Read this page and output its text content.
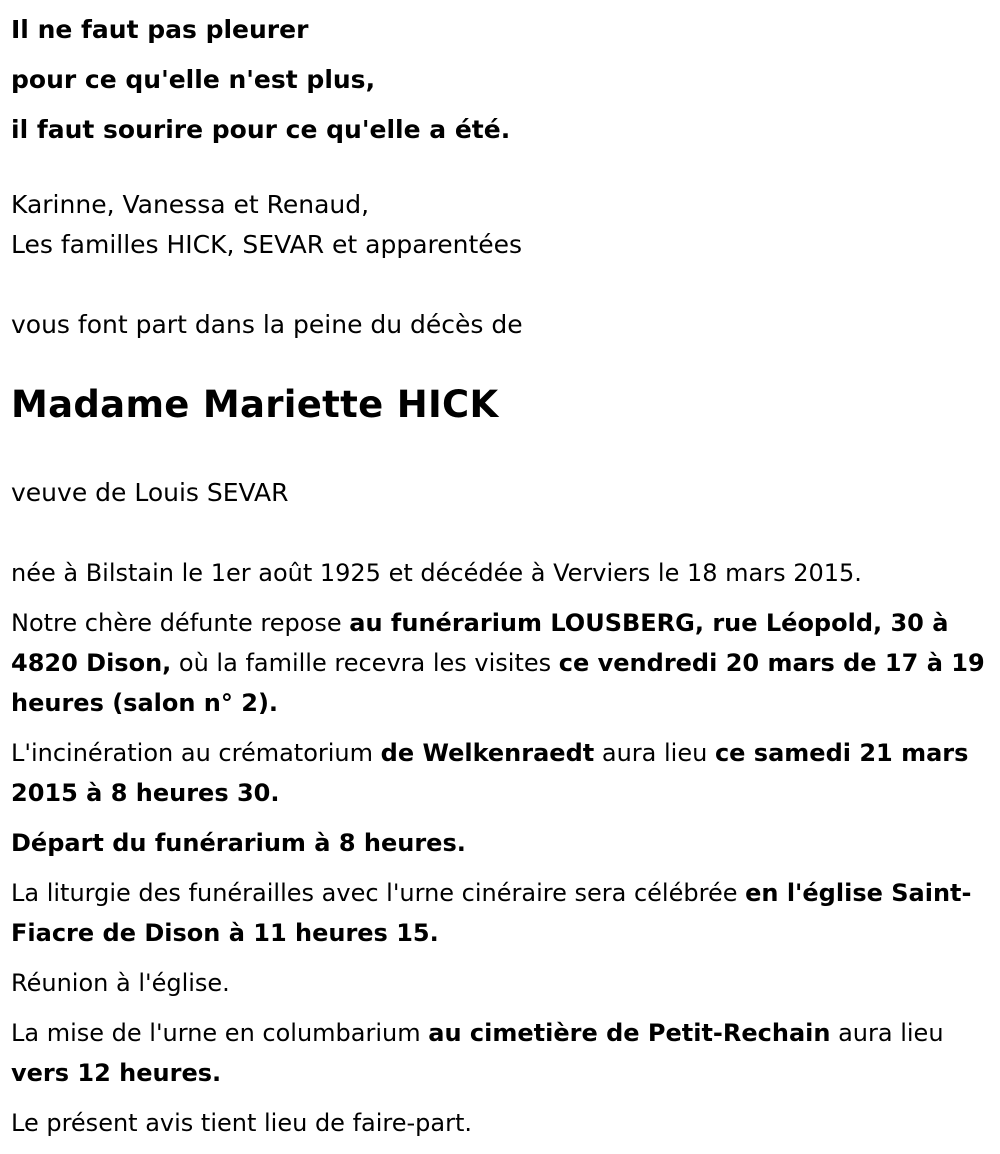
Il ne faut pas pleurer

pour ce qu'elle n'est plus,

il faut sourire pour ce qu'elle a été.

Karinne, Vanessa et Renaud,

Les familles HICK, SEVAR et apparentées

vous font part dans la peine du décès de

Madame Mariette HICK

veuve de Louis SEVAR

née à Bilstain le 1er août 1925 et décédée à Verviers le 18 mars 2015.

Notre chère défunte repose au funérarium LOUSBERG, rue Léopold, 30 à 4820 Dison, où la famille recevra les visites ce vendredi 20 mars de 17 à 19 heures (salon n° 2).

L'incinération au crématorium de Welkenraedt aura lieu ce samedi 21 mars 2015 à 8 heures 30.

Départ du funérarium à 8 heures.

La liturgie des funérailles avec l'urne cinéraire sera célébrée en l'église Saint-Fiacre de Dison à 11 heures 15.

Réunion à l'église.

La mise de l'urne en columbarium au cimetière de Petit-Rechain aura lieu vers 12 heures.

Le présent avis tient lieu de faire-part.
